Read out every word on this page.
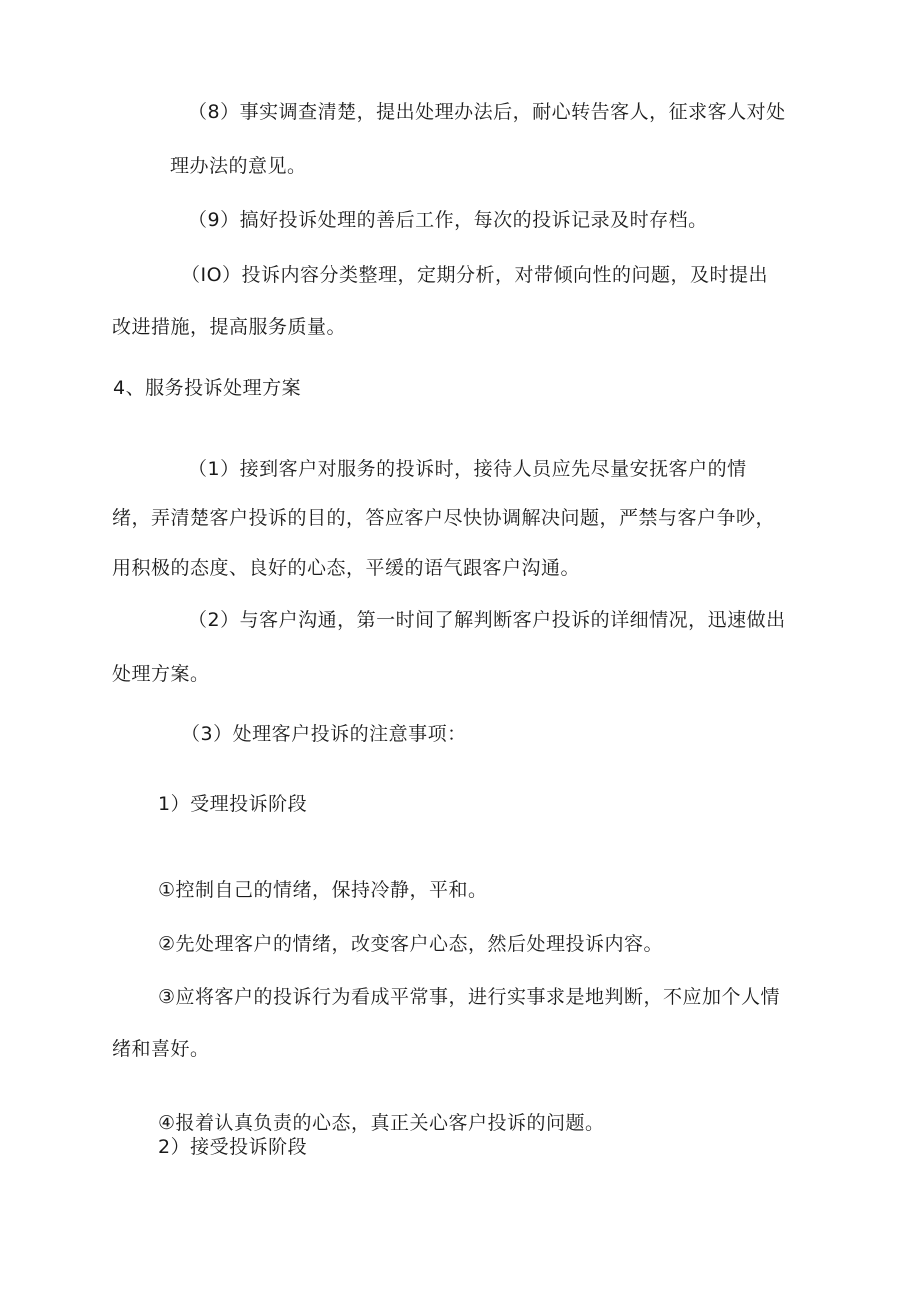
（8）事实调查清楚，提出处理办法后，耐心转告客人，征求客人对处

理办法的意见。

（9）搞好投诉处理的善后工作，每次的投诉记录及时存档。

（IO）投诉内容分类整理，定期分析，对带倾向性的问题，及时提出

改进措施，提高服务质量。

4、服务投诉处理方案

（1）接到客户对服务的投诉时，接待人员应先尽量安抚客户的情

绪，弄清楚客户投诉的目的，答应客户尽快协调解决问题，严禁与客户争吵，

用积极的态度、良好的心态，平缓的语气跟客户沟通。

（2）与客户沟通，第一时间了解判断客户投诉的详细情况，迅速做出

处理方案。

（3）处理客户投诉的注意事项：

1）受理投诉阶段

①控制自己的情绪，保持冷静，平和。

②先处理客户的情绪，改变客户心态，然后处理投诉内容。

③应将客户的投诉行为看成平常事，进行实事求是地判断，不应加个人情

绪和喜好。

④报着认真负责的心态，真正关心客户投诉的问题。

2）接受投诉阶段
